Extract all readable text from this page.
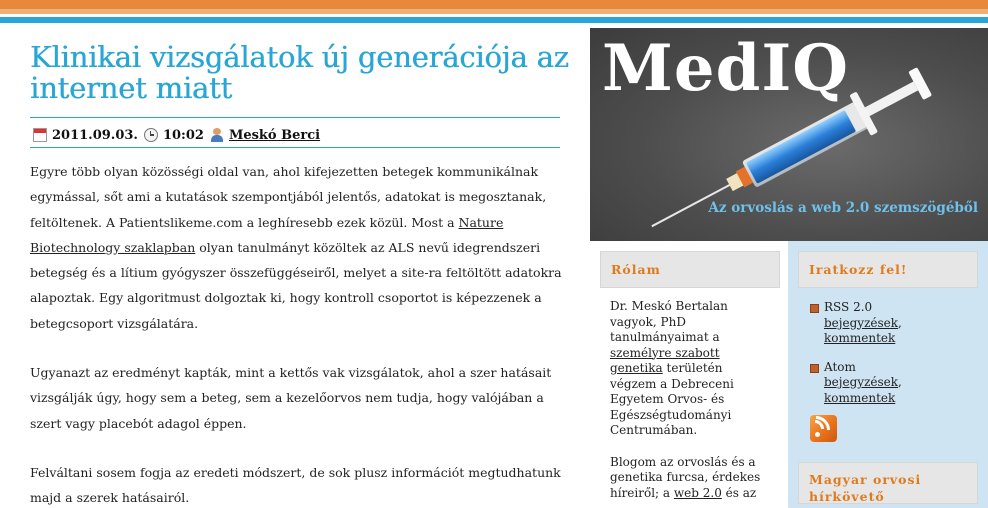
Klinikai vizsgálatok új generációja az internet miatt
2011.09.03. 10:02 Meskó Berci

Egyre több olyan közösségi oldal van, ahol kifejezetten betegek kommunikálnak egymással, sőt ami a kutatások szempontjából jelentős, adatokat is megosztanak, feltöltenek. A Patientslikeme.com a leghíresebb ezek közül. Most a Nature Biotechnology szaklapban olyan tanulmányt közöltek az ALS nevű idegrendszeri betegség és a lítium gyógyszer összefüggéseiről, melyet a site-ra feltöltött adatokra alapoztak. Egy algoritmust dolgoztak ki, hogy kontroll csoportot is képezzenek a betegcsoport vizsgálatára.

Ugyanazt az eredményt kapták, mint a kettős vak vizsgálatok, ahol a szer hatásait vizsgálják úgy, hogy sem a beteg, sem a kezelőorvos nem tudja, hogy valójában a szert vagy placebót adagol éppen.

Felváltani sosem fogja az eredeti módszert, de sok plusz információt megtudhatunk majd a szerek hatásairól.

MedIQ
Az orvoslás a web 2.0 szemszögéből
Rólam

Dr. Meskó Bertalan vagyok, PhD tanulmányaimat a személyre szabott genetika területén végzem a Debreceni Egyetem Orvos- és Egészségtudományi Centrumában.

Blogom az orvoslás és a genetika furcsa, érdekes híreiről; a web 2.0 és az

Iratkozz fel!
RSS 2.0
bejegyzések,
kommentek
Atom
bejegyzések,
kommentek
Magyar orvosi hírkövető
